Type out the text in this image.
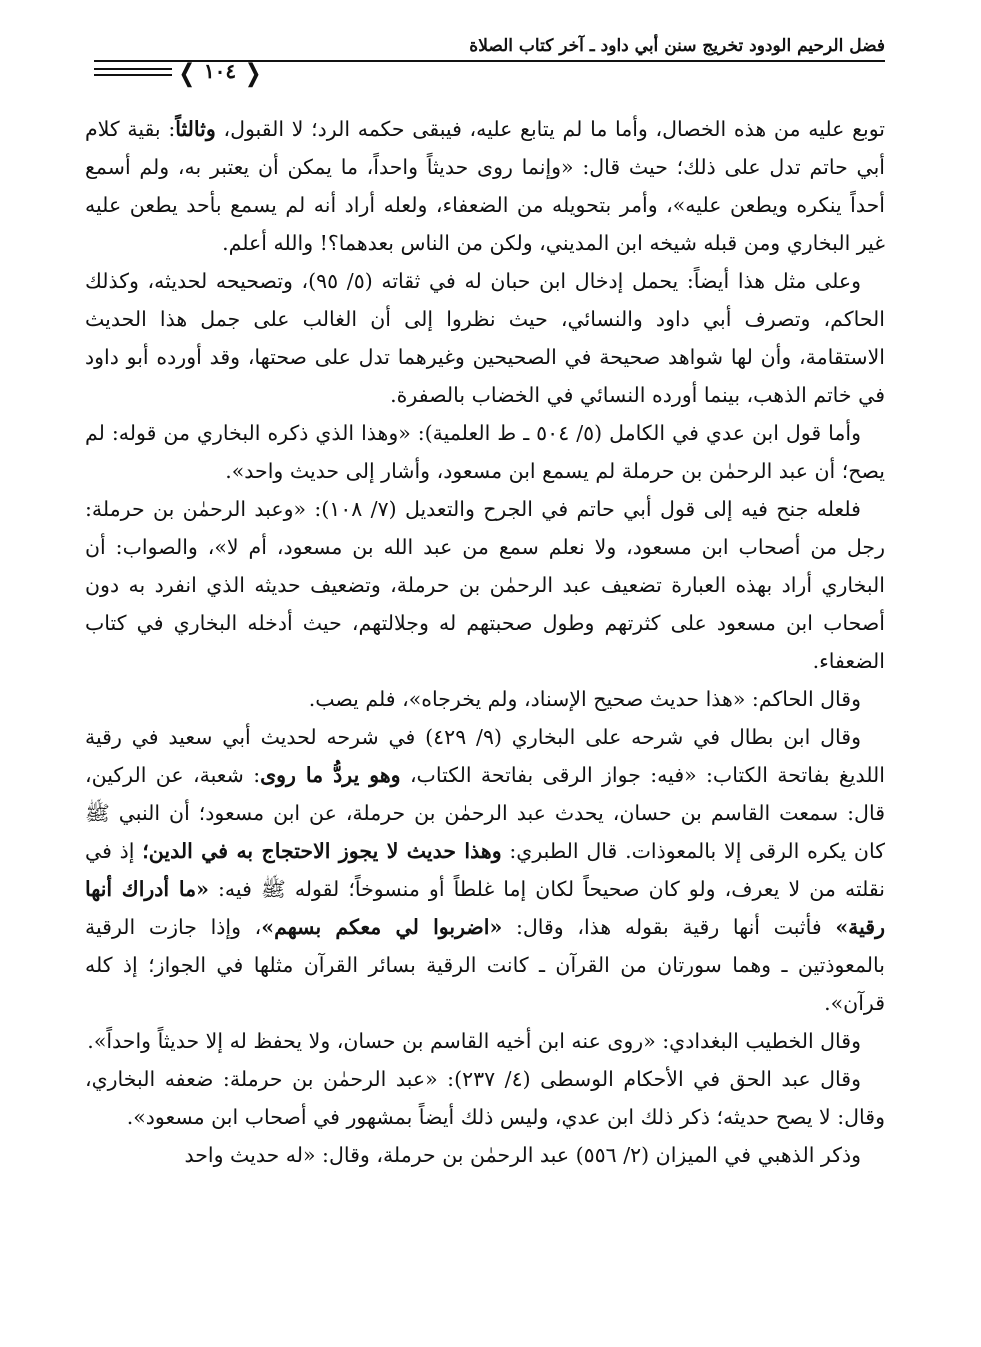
فضل الرحيم الودود تخريج سنن أبي داود ـ آخر كتاب الصلاة
❬ ١٠٤ ❭

توبع عليه من هذه الخصال، وأما ما لم يتابع عليه، فيبقى حكمه الرد؛ لا القبول، وثالثاً: بقية كلام أبي حاتم تدل على ذلك؛ حيث قال: «وإنما روى حديثاً واحداً، ما يمكن أن يعتبر به، ولم أسمع أحداً ينكره ويطعن عليه»، وأمر بتحويله من الضعفاء، ولعله أراد أنه لم يسمع بأحد يطعن عليه غير البخاري ومن قبله شيخه ابن المديني، ولكن من الناس بعدهما؟! والله أعلم.

وعلى مثل هذا أيضاً: يحمل إدخال ابن حبان له في ثقاته (٥/ ٩٥)، وتصحيحه لحديثه، وكذلك الحاكم، وتصرف أبي داود والنسائي، حيث نظروا إلى أن الغالب على جمل هذا الحديث الاستقامة، وأن لها شواهد صحيحة في الصحيحين وغيرهما تدل على صحتها، وقد أورده أبو داود في خاتم الذهب، بينما أورده النسائي في الخضاب بالصفرة.

وأما قول ابن عدي في الكامل (٥/ ٥٠٤ ـ ط العلمية): «وهذا الذي ذكره البخاري من قوله: لم يصح؛ أن عبد الرحمٰن بن حرملة لم يسمع ابن مسعود، وأشار إلى حديث واحد».

فلعله جنح فيه إلى قول أبي حاتم في الجرح والتعديل (٧/ ١٠٨): «وعبد الرحمٰن بن حرملة: رجل من أصحاب ابن مسعود، ولا نعلم سمع من عبد الله بن مسعود، أم لا»، والصواب: أن البخاري أراد بهذه العبارة تضعيف عبد الرحمٰن بن حرملة، وتضعيف حديثه الذي انفرد به دون أصحاب ابن مسعود على كثرتهم وطول صحبتهم له وجلالتهم، حيث أدخله البخاري في كتاب الضعفاء.

وقال الحاكم: «هذا حديث صحيح الإسناد، ولم يخرجاه»، فلم يصب.

وقال ابن بطال في شرحه على البخاري (٩/ ٤٢٩) في شرحه لحديث أبي سعيد في رقية اللديغ بفاتحة الكتاب: «فيه: جواز الرقى بفاتحة الكتاب، وهو يردُّ ما روى: شعبة، عن الركين، قال: سمعت القاسم بن حسان، يحدث عبد الرحمٰن بن حرملة، عن ابن مسعود؛ أن النبي ﷺ كان يكره الرقى إلا بالمعوذات. قال الطبري: وهذا حديث لا يجوز الاحتجاج به في الدين؛ إذ في نقلته من لا يعرف، ولو كان صحيحاً لكان إما غلطاً أو منسوخاً؛ لقوله ﷺ فيه: «ما أدراك أنها رقية» فأثبت أنها رقية بقوله هذا، وقال: «اضربوا لي معكم بسهم»، وإذا جازت الرقية بالمعوذتين ـ وهما سورتان من القرآن ـ كانت الرقية بسائر القرآن مثلها في الجواز؛ إذ كله قرآن».

وقال الخطيب البغدادي: «روى عنه ابن أخيه القاسم بن حسان، ولا يحفظ له إلا حديثاً واحداً».

وقال عبد الحق في الأحكام الوسطى (٤/ ٢٣٧): «عبد الرحمٰن بن حرملة: ضعفه البخاري، وقال: لا يصح حديثه؛ ذكر ذلك ابن عدي، وليس ذلك أيضاً بمشهور في أصحاب ابن مسعود».

وذكر الذهبي في الميزان (٢/ ٥٥٦) عبد الرحمٰن بن حرملة، وقال: «له حديث واحد
